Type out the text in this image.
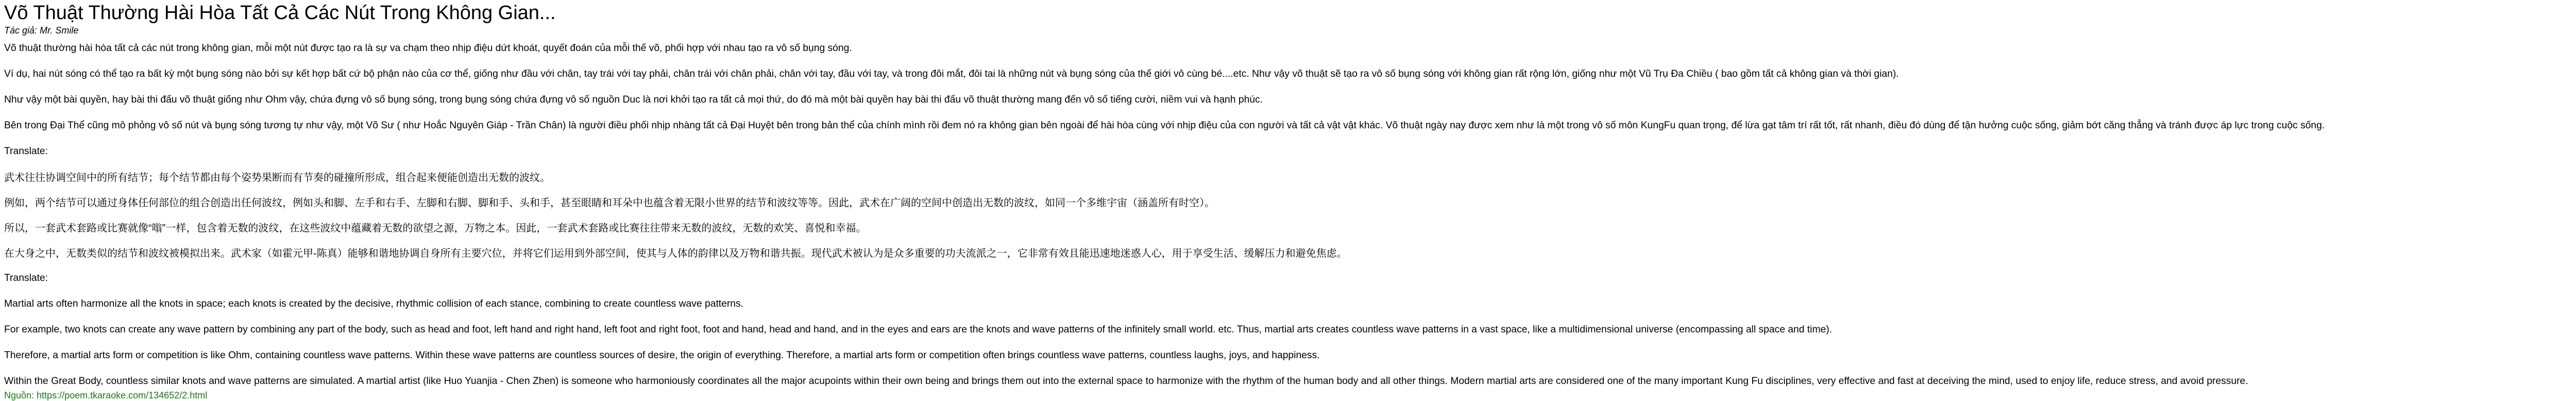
Võ Thuật Thường Hài Hòa Tất Cả Các Nút Trong Không Gian...
Tác giả: Mr. Smile

Võ thuật thường hài hòa tất cả các nút trong không gian, mỗi một nút được tạo ra là sự va chạm theo nhịp điệu dứt khoát, quyết đoán của mỗi thế võ, phối hợp với nhau tạo ra vô số bụng sóng.

Ví dụ, hai nút sóng có thể tạo ra bất kỳ một bụng sóng nào bởi sự kết hợp bất cứ bộ phận nào của cơ thể, giống như đầu với chân, tay trái với tay phải, chân trái với chân phải, chân với tay, đầu với tay, và trong đôi mắt, đôi tai là những nút và bụng sóng của thế giới vô cùng bé....etc. Như vậy võ thuật sẽ tạo ra vô số bụng sóng với không gian rất rộng lớn, giống như một Vũ Trụ Đa Chiều ( bao gồm tất cả không gian và thời gian).

Như vậy một bài quyền, hay bài thi đấu võ thuật giống như Ohm vậy, chứa đựng vô số bụng sóng, trong bụng sóng chứa đựng vô số nguồn Duc là nơi khởi tạo ra tất cả mọi thứ, do đó mà một bài quyền hay bài thi đấu võ thuật thường mang đến vô số tiếng cười, niềm vui và hạnh phúc.

Bên trong Đại Thể cũng mô phỏng vô số nút và bụng sóng tương tự như vậy, một Võ Sư ( như Hoắc Nguyên Giáp - Trần Chân) là người điều phối nhịp nhàng tất cả Đại Huyệt bên trong bản thể của chính mình rồi đem nó ra không gian bên ngoài để hài hòa cùng với nhịp điệu của con người và tất cả vật vật khác. Võ thuật ngày nay được xem như là một trong vô số môn KungFu quan trọng, để lừa gạt tâm trí rất tốt, rất nhanh, điều đó dùng để tận hưởng cuộc sống, giảm bớt căng thẳng và tránh được áp lực trong cuộc sống.

Translate:

武术往往协调空间中的所有结节；每个结节都由每个姿势果断而有节奏的碰撞所形成，组合起来便能创造出无数的波纹。

例如，两个结节可以通过身体任何部位的组合创造出任何波纹，例如头和脚、左手和右手、左脚和右脚、脚和手、头和手，甚至眼睛和耳朵中也蕴含着无限小世界的结节和波纹等等。因此，武术在广阔的空间中创造出无数的波纹，如同一个多维宇宙（涵盖所有时空）。

所以，一套武术套路或比赛就像“嗡”一样，包含着无数的波纹，在这些波纹中蕴藏着无数的欲望之源，万物之本。因此，一套武术套路或比赛往往带来无数的波纹，无数的欢笑、喜悦和幸福。

在大身之中，无数类似的结节和波纹被模拟出来。武术家（如霍元甲-陈真）能够和谐地协调自身所有主要穴位，并将它们运用到外部空间，使其与人体的韵律以及万物和谐共振。现代武术被认为是众多重要的功夫流派之一，它非常有效且能迅速地迷惑人心，用于享受生活、缓解压力和避免焦虑。

Translate:

Martial arts often harmonize all the knots in space; each knots is created by the decisive, rhythmic collision of each stance, combining to create countless wave patterns.

For example, two knots can create any wave pattern by combining any part of the body, such as head and foot, left hand and right hand, left foot and right foot, foot and hand, head and hand, and in the eyes and ears are the knots and wave patterns of the infinitely small world. etc. Thus, martial arts creates countless wave patterns in a vast space, like a multidimensional universe (encompassing all space and time).

Therefore, a martial arts form or competition is like Ohm, containing countless wave patterns. Within these wave patterns are countless sources of desire, the origin of everything. Therefore, a martial arts form or competition often brings countless wave patterns, countless laughs, joys, and happiness.

Within the Great Body, countless similar knots and wave patterns are simulated. A martial artist (like Huo Yuanjia - Chen Zhen) is someone who harmoniously coordinates all the major acupoints within their own being and brings them out into the external space to harmonize with the rhythm of the human body and all other things. Modern martial arts are considered one of the many important Kung Fu disciplines, very effective and fast at deceiving the mind, used to enjoy life, reduce stress, and avoid pressure.

Nguồn: https://poem.tkaraoke.com/134652/2.html
